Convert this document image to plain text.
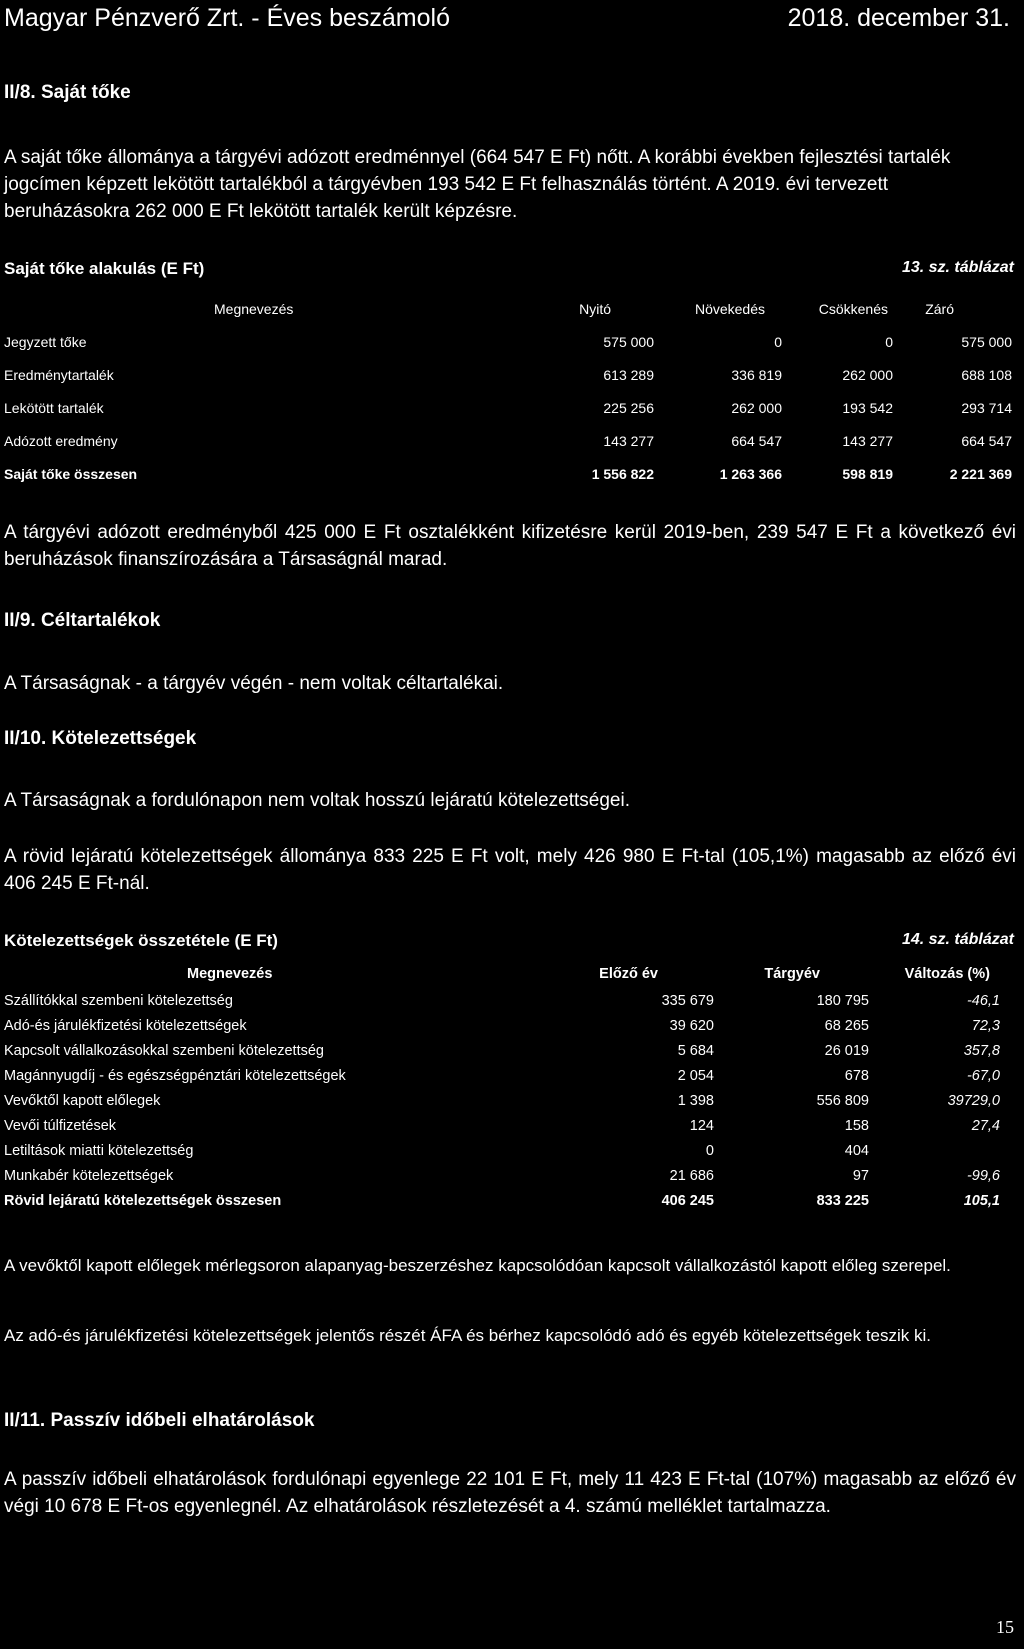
Magyar Pénzverő Zrt. - Éves beszámoló	2018. december 31.
II/8. Saját tőke
A saját tőke állománya a tárgyévi adózott eredménnyel (664 547 E Ft) nőtt. A korábbi években fejlesztési tartalék jogcímen képzett lekötött tartalékból a tárgyévben 193 542 E Ft felhasználás történt. A 2019. évi tervezett beruházásokra 262 000 E Ft lekötött tartalék került képzésre.
Saját tőke alakulás (E Ft)	13. sz. táblázat
Megnevezés	Nyitó	Növekedés	Csökkenés	Záró
Jegyzett tőke	575 000	0	0	575 000
Eredménytartalék	613 289	336 819	262 000	688 108
Lekötött tartalék	225 256	262 000	193 542	293 714
Adózott eredmény	143 277	664 547	143 277	664 547
Saját tőke összesen	1 556 822	1 263 366	598 819	2 221 369
A tárgyévi adózott eredményből 425 000 E Ft osztalékként kifizetésre kerül 2019-ben, 239 547 E Ft a következő évi beruházások finanszírozására a Társaságnál marad.
II/9. Céltartalékok
A Társaságnak - a tárgyév végén - nem voltak céltartalékai.
II/10. Kötelezettségek
A Társaságnak a fordulónapon nem voltak hosszú lejáratú kötelezettségei.
A rövid lejáratú kötelezettségek állománya 833 225 E Ft volt, mely 426 980 E Ft-tal (105,1%) magasabb az előző évi 406 245 E Ft-nál.
Kötelezettségek összetétele (E Ft)	14. sz. táblázat
Megnevezés	Előző év	Tárgyév	Változás (%)
Szállítókkal szembeni kötelezettség	335 679	180 795	-46,1
Adó-és járulékfizetési kötelezettségek	39 620	68 265	72,3
Kapcsolt vállalkozásokkal szembeni kötelezettség	5 684	26 019	357,8
Magánnyugdíj - és egészségpénztári kötelezettségek	2 054	678	-67,0
Vevőktől kapott előlegek	1 398	556 809	39729,0
Vevői túlfizetések	124	158	27,4
Letiltások miatti kötelezettség	0	404
Munkabér kötelezettségek	21 686	97	-99,6
Rövid lejáratú kötelezettségek összesen	406 245	833 225	105,1
A vevőktől kapott előlegek mérlegsoron alapanyag-beszerzéshez kapcsolódóan kapcsolt vállalkozástól kapott előleg szerepel.
Az adó-és járulékfizetési kötelezettségek jelentős részét ÁFA és bérhez kapcsolódó adó és egyéb kötelezettségek teszik ki.
II/11. Passzív időbeli elhatárolások
A passzív időbeli elhatárolások fordulónapi egyenlege 22 101 E Ft, mely 11 423 E Ft-tal (107%) magasabb az előző év végi 10 678 E Ft-os egyenlegnél. Az elhatárolások részletezését a 4. számú melléklet tartalmazza.
15
